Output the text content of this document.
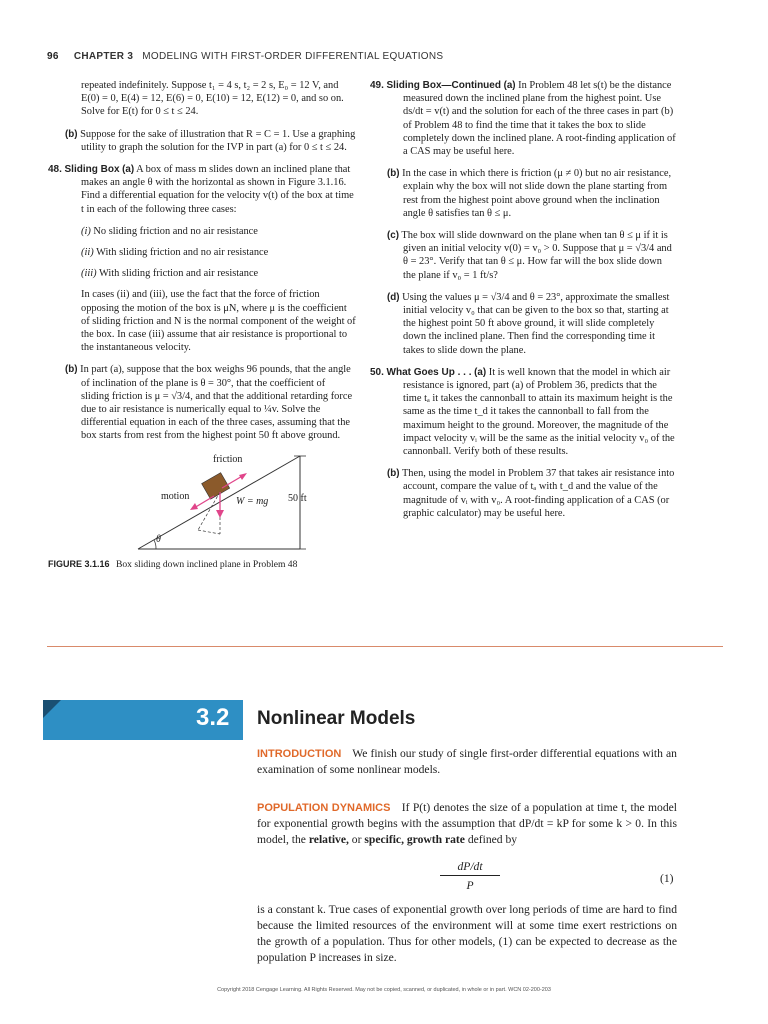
96 CHAPTER 3 MODELING WITH FIRST-ORDER DIFFERENTIAL EQUATIONS

repeated indefinitely. Suppose t₁ = 4 s, t₂ = 2 s, E₀ = 12 V, and E(0) = 0, E(4) = 12, E(6) = 0, E(10) = 12, E(12) = 0, and so on. Solve for E(t) for 0 ≤ t ≤ 24.

(b) Suppose for the sake of illustration that R = C = 1. Use a graphing utility to graph the solution for the IVP in part (a) for 0 ≤ t ≤ 24.

48. Sliding Box (a) A box of mass m slides down an inclined plane that makes an angle θ with the horizontal as shown in Figure 3.1.16. Find a differential equation for the velocity v(t) of the box at time t in each of the following three cases:

(i) No sliding friction and no air resistance

(ii) With sliding friction and no air resistance

(iii) With sliding friction and air resistance

In cases (ii) and (iii), use the fact that the force of friction opposing the motion of the box is μN, where μ is the coefficient of sliding friction and N is the normal component of the weight of the box. In case (iii) assume that air resistance is proportional to the instantaneous velocity.

(b) In part (a), suppose that the box weighs 96 pounds, that the angle of inclination of the plane is θ = 30°, that the coefficient of sliding friction is μ = √3/4, and that the additional retarding force due to air resistance is numerically equal to ¼v. Solve the differential equation in each of the three cases, assuming that the box starts from rest from the highest point 50 ft above ground.

friction
motion	W = mg 50 ft
θ
FIGURE 3.1.16 Box sliding down inclined plane in Problem 48

49. Sliding Box—Continued (a) In Problem 48 let s(t) be the distance measured down the inclined plane from the highest point. Use ds/dt = v(t) and the solution for each of the three cases in part (b) of Problem 48 to find the time that it takes the box to slide completely down the inclined plane. A root-finding application of a CAS may be useful here.

(b) In the case in which there is friction (μ ≠ 0) but no air resistance, explain why the box will not slide down the plane starting from rest from the highest point above ground when the inclination angle θ satisfies tan θ ≤ μ.

(c) The box will slide downward on the plane when tan θ ≤ μ if it is given an initial velocity v(0) = v₀ > 0. Suppose that μ = √3/4 and θ = 23°. Verify that tan θ ≤ μ. How far will the box slide down the plane if v₀ = 1 ft/s?

(d) Using the values μ = √3/4 and θ = 23°, approximate the smallest initial velocity v₀ that can be given to the box so that, starting at the highest point 50 ft above ground, it will slide completely down the inclined plane. Then find the corresponding time it takes to slide down the plane.

50. What Goes Up . . . (a) It is well known that the model in which air resistance is ignored, part (a) of Problem 36, predicts that the time tₐ it takes the cannonball to attain its maximum height is the same as the time t_d it takes the cannonball to fall from the maximum height to the ground. Moreover, the magnitude of the impact velocity vᵢ will be the same as the initial velocity v₀ of the cannonball. Verify both of these results.

(b) Then, using the model in Problem 37 that takes air resistance into account, compare the value of tₐ with t_d and the value of the magnitude of vᵢ with v₀. A root-finding application of a CAS (or graphic calculator) may be useful here.

3.2 Nonlinear Models
INTRODUCTION We finish our study of single first-order differential equations with an examination of some nonlinear models.
POPULATION DYNAMICS If P(t) denotes the size of a population at time t, the model for exponential growth begins with the assumption that dP/dt = kP for some k > 0. In this model, the relative, or specific, growth rate defined by
$\frac{dP/dt}{P}$	(1)
is a constant k. True cases of exponential growth over long periods of time are hard to find because the limited resources of the environment will at some time exert restrictions on the growth of a population. Thus for other models, (1) can be expected to decrease as the population P increases in size.
Copyright 2018 Cengage Learning. All Rights Reserved. May not be copied, scanned, or duplicated, in whole or in part. WCN 02-200-203
